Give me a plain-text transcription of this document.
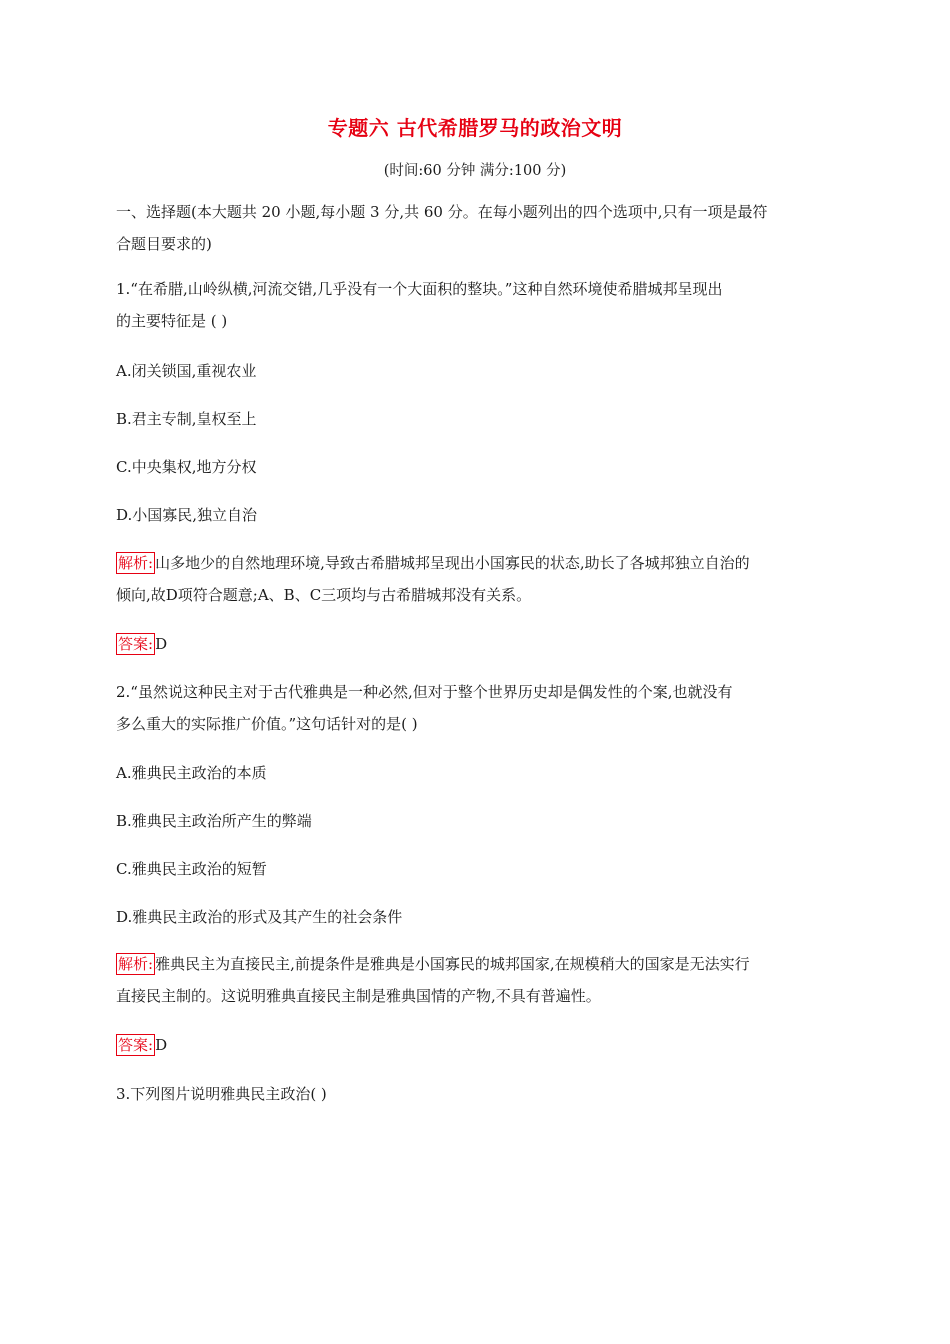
专题六 古代希腊罗马的政治文明
(时间:60 分钟 满分:100 分)
一、选择题(本大题共 20 小题,每小题 3 分,共 60 分。在每小题列出的四个选项中,只有一项是最符
合题目要求的)
1.“在希腊,山岭纵横,河流交错,几乎没有一个大面积的整块。”这种自然环境使希腊城邦呈现出
的主要特征是 ( )
A.闭关锁国,重视农业
B.君主专制,皇权至上
C.中央集权,地方分权
D.小国寡民,独立自治
解析: 山多地少的自然地理环境,导致古希腊城邦呈现出小国寡民的状态,助长了各城邦独立自治的
倾向,故D项符合题意;A、B、C三项均与古希腊城邦没有关系。
答案: D
2.“虽然说这种民主对于古代雅典是一种必然,但对于整个世界历史却是偶发性的个案,也就没有
多么重大的实际推广价值。”这句话针对的是( )
A.雅典民主政治的本质
B.雅典民主政治所产生的弊端
C.雅典民主政治的短暂
D.雅典民主政治的形式及其产生的社会条件
解析: 雅典民主为直接民主,前提条件是雅典是小国寡民的城邦国家,在规模稍大的国家是无法实行
直接民主制的。这说明雅典直接民主制是雅典国情的产物,不具有普遍性。
答案: D
3.下列图片说明雅典民主政治( )
